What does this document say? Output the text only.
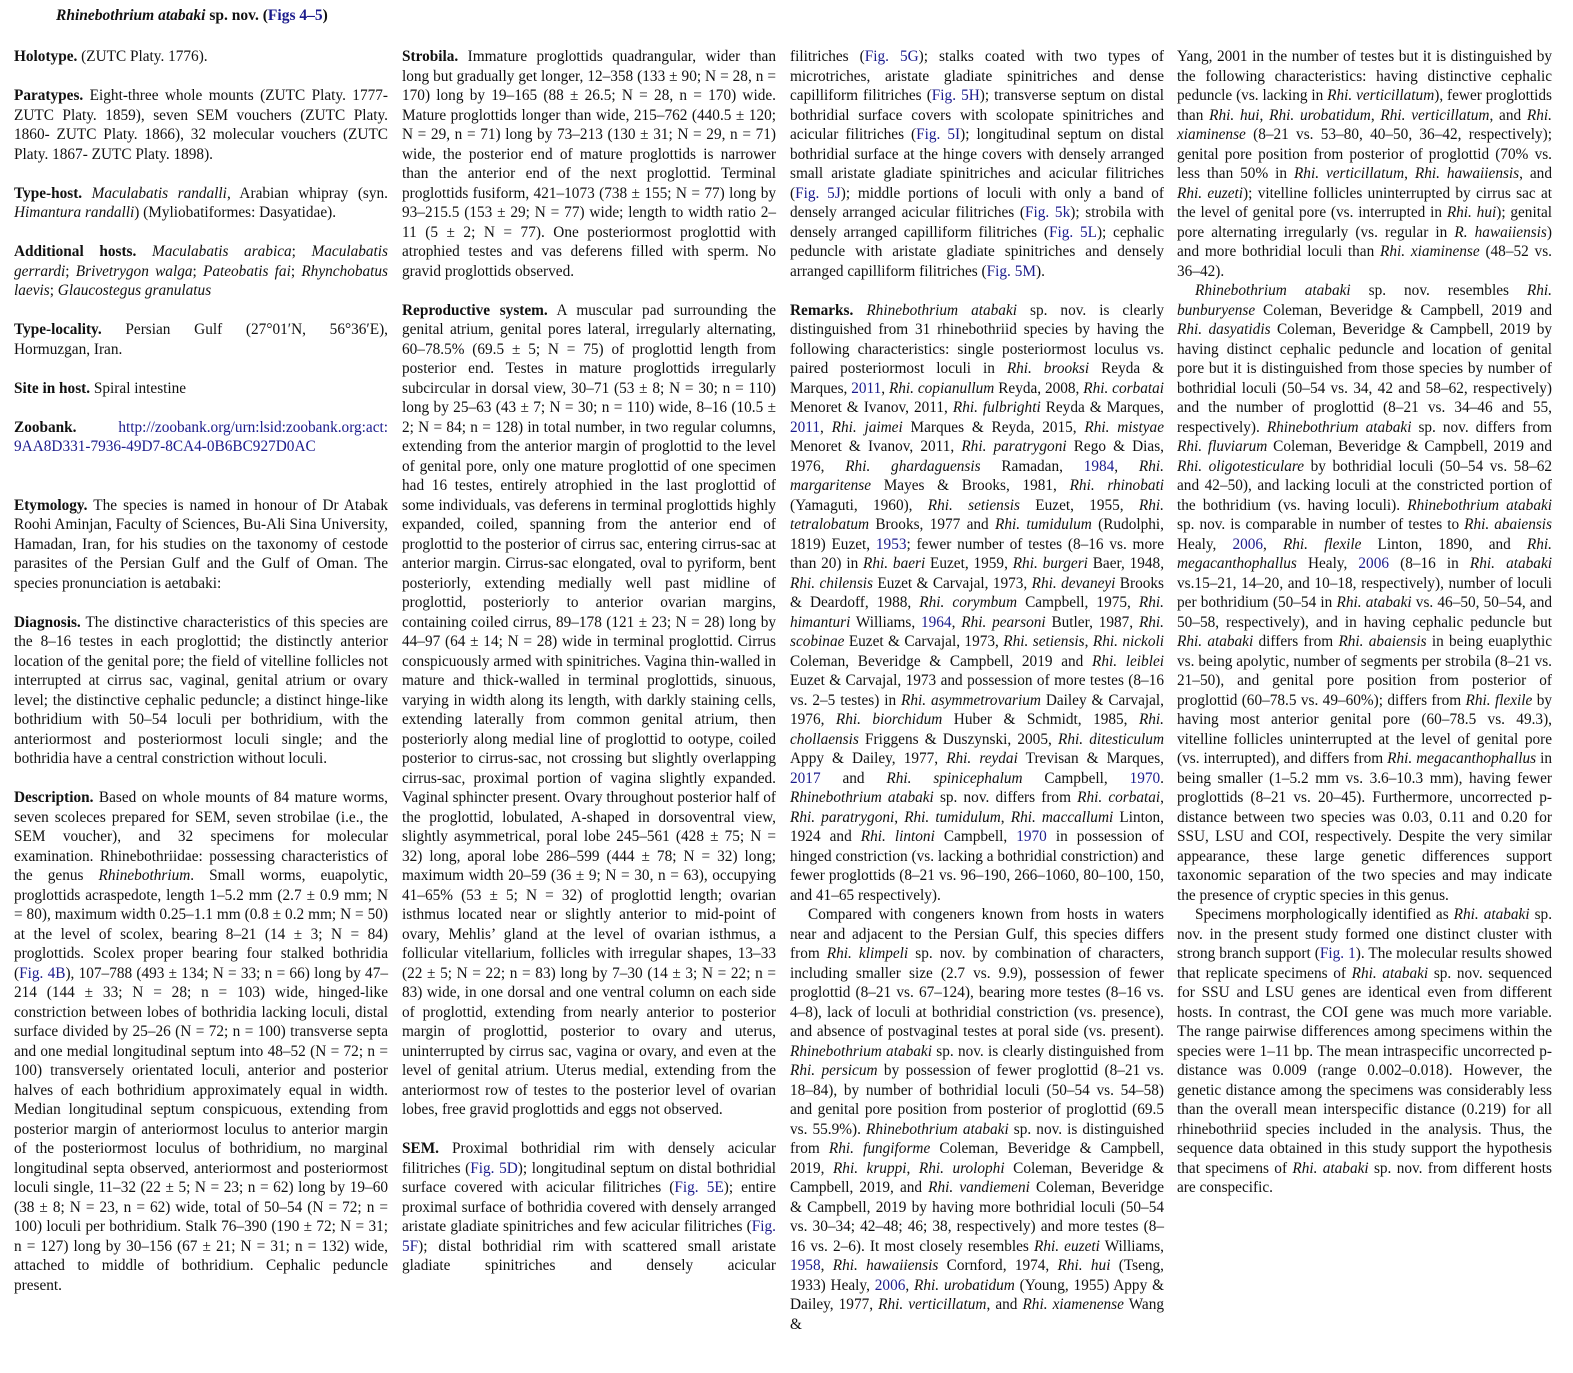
Rhinebothrium atabaki sp. nov. (Figs 4–5)

Holotype. (ZUTC Platy. 1776).

Paratypes. Eight-three whole mounts (ZUTC Platy. 1777- ZUTC Platy. 1859), seven SEM vouchers (ZUTC Platy. 1860- ZUTC Platy. 1866), 32 molecular vouchers (ZUTC Platy. 1867- ZUTC Platy. 1898).

Type-host. Maculabatis randalli, Arabian whipray (syn. Himantura randalli) (Myliobatiformes: Dasyatidae).

Additional hosts. Maculabatis arabica; Maculabatis gerrardi; Brivetrygon walga; Pateobatis fai; Rhynchobatus laevis; Glaucostegus granulatus

Type-locality. Persian Gulf (27°01′N, 56°36′E), Hormuzgan, Iran.

Site in host. Spiral intestine

Zoobank.	http://zoobank.org/urn:lsid:zoobank.org:act: 9AA8D331-7936-49D7-8CA4-0B6BC927D0AC

Etymology. The species is named in honour of Dr Atabak Roohi Aminjan, Faculty of Sciences, Bu-Ali Sina University, Hamadan, Iran, for his studies on the taxonomy of cestode parasites of the Persian Gulf and the Gulf of Oman. The species pronunciation is aetɑbaki:

Diagnosis. The distinctive characteristics of this species are the 8–16 testes in each proglottid; the distinctly anterior location of the genital pore; the field of vitelline follicles not interrupted at cirrus sac, vaginal, genital atrium or ovary level; the distinctive cephalic peduncle; a distinct hinge-like bothridium with 50–54 loculi per bothridium, with the anteriormost and posteriormost loculi single; and the bothridia have a central constriction without loculi.

Description. Based on whole mounts of 84 mature worms, seven scoleces prepared for SEM, seven strobilae (i.e., the SEM voucher), and 32 specimens for molecular examination. Rhinebothriidae: possessing characteristics of the genus Rhinebothrium. Small worms, euapolytic, proglottids acraspedote, length 1–5.2 mm (2.7 ± 0.9 mm; N = 80), maximum width 0.25–1.1 mm (0.8 ± 0.2 mm; N = 50) at the level of scolex, bearing 8–21 (14 ± 3; N = 84) proglottids. Scolex proper bearing four stalked bothridia (Fig. 4B), 107–788 (493 ± 134; N = 33; n = 66) long by 47–214 (144 ± 33; N = 28; n = 103) wide, hinged-like constriction between lobes of bothridia lacking loculi, distal surface divided by 25–26 (N = 72; n = 100) transverse septa and one medial longitudinal septum into 48–52 (N = 72; n = 100) transversely orientated loculi, anterior and posterior halves of each bothridium approximately equal in width. Median longitudinal septum conspicuous, extending from posterior margin of anteriormost loculus to anterior margin of the posteriormost loculus of bothridium, no marginal longitudinal septa observed, anteriormost and posteriormost loculi single, 11–32 (22 ± 5; N = 23; n = 62) long by 19–60 (38 ± 8; N = 23, n = 62) wide, total of 50–54 (N = 72; n = 100) loculi per bothridium. Stalk 76–390 (190 ± 72; N = 31; n = 127) long by 30–156 (67 ± 21; N = 31; n = 132) wide, attached to middle of bothridium. Cephalic peduncle present.

Strobila. Immature proglottids quadrangular, wider than long but gradually get longer, 12–358 (133 ± 90; N = 28, n = 170) long by 19–165 (88 ± 26.5; N = 28, n = 170) wide. Mature proglottids longer than wide, 215–762 (440.5 ± 120; N = 29, n = 71) long by 73–213 (130 ± 31; N = 29, n = 71) wide, the posterior end of mature proglottids is narrower than the anterior end of the next proglottid. Terminal proglottids fusiform, 421–1073 (738 ± 155; N = 77) long by 93–215.5 (153 ± 29; N = 77) wide; length to width ratio 2–11 (5 ± 2; N = 77). One posteriormost proglottid with atrophied testes and vas deferens filled with sperm. No gravid proglottids observed.

Reproductive system. A muscular pad surrounding the genital atrium, genital pores lateral, irregularly alternating, 60–78.5% (69.5 ± 5; N = 75) of proglottid length from posterior end. Testes in mature proglottids irregularly subcircular in dorsal view, 30–71 (53 ± 8; N = 30; n = 110) long by 25–63 (43 ± 7; N = 30; n = 110) wide, 8–16 (10.5 ± 2; N = 84; n = 128) in total number, in two regular columns, extending from the anterior margin of proglottid to the level of genital pore, only one mature proglottid of one specimen had 16 testes, entirely atrophied in the last proglottid of some individuals, vas deferens in terminal proglottids highly expanded, coiled, spanning from the anterior end of proglottid to the posterior of cirrus sac, entering cirrus-sac at anterior margin. Cirrus-sac elongated, oval to pyriform, bent posteriorly, extending medially well past midline of proglottid, posteriorly to anterior ovarian margins, containing coiled cirrus, 89–178 (121 ± 23; N = 28) long by 44–97 (64 ± 14; N = 28) wide in terminal proglottid. Cirrus conspicuously armed with spinitriches. Vagina thin-walled in mature and thick-walled in terminal proglottids, sinuous, varying in width along its length, with darkly staining cells, extending laterally from common genital atrium, then posteriorly along medial line of proglottid to ootype, coiled posterior to cirrus-sac, not crossing but slightly overlapping cirrus-sac, proximal portion of vagina slightly expanded. Vaginal sphincter present. Ovary throughout posterior half of the proglottid, lobulated, A-shaped in dorsoventral view, slightly asymmetrical, poral lobe 245–561 (428 ± 75; N = 32) long, aporal lobe 286–599 (444 ± 78; N = 32) long; maximum width 20–59 (36 ± 9; N = 30, n = 63), occupying 41–65% (53 ± 5; N = 32) of proglottid length; ovarian isthmus located near or slightly anterior to mid-point of ovary, Mehlis’ gland at the level of ovarian isthmus, a follicular vitellarium, follicles with irregular shapes, 13–33 (22 ± 5; N = 22; n = 83) long by 7–30 (14 ± 3; N = 22; n = 83) wide, in one dorsal and one ventral column on each side of proglottid, extending from nearly anterior to posterior margin of proglottid, posterior to ovary and uterus, uninterrupted by cirrus sac, vagina or ovary, and even at the level of genital atrium. Uterus medial, extending from the anteriormost row of testes to the posterior level of ovarian lobes, free gravid proglottids and eggs not observed.

SEM. Proximal bothridial rim with densely acicular filitriches (Fig. 5D); longitudinal septum on distal bothridial surface covered with acicular filitriches (Fig. 5E); entire proximal surface of bothridia covered with densely arranged aristate gladiate spinitriches and few acicular filitriches (Fig. 5F); distal bothridial rim with scattered small aristate gladiate spinitriches and densely acicular

filitriches (Fig. 5G); stalks coated with two types of microtriches, aristate gladiate spinitriches and dense capilliform filitriches (Fig. 5H); transverse septum on distal bothridial surface covers with scolopate spinitriches and acicular filitriches (Fig. 5I); longitudinal septum on distal bothridial surface at the hinge covers with densely arranged small aristate gladiate spinitriches and acicular filitriches (Fig. 5J); middle portions of loculi with only a band of densely arranged acicular filitriches (Fig. 5k); strobila with densely arranged capilliform filitriches (Fig. 5L); cephalic peduncle with aristate gladiate spinitriches and densely arranged capilliform filitriches (Fig. 5M).

Remarks. Rhinebothrium atabaki sp. nov. is clearly distinguished from 31 rhinebothriid species by having the following characteristics: single posteriormost loculus vs. paired posteriormost loculi in Rhi. brooksi Reyda & Marques, 2011, Rhi. copianullum Reyda, 2008, Rhi. corbatai Menoret & Ivanov, 2011, Rhi. fulbrighti Reyda & Marques, 2011, Rhi. jaimei Marques & Reyda, 2015, Rhi. mistyae Menoret & Ivanov, 2011, Rhi. paratrygoni Rego & Dias, 1976, Rhi. ghardaguensis Ramadan, 1984, Rhi. margaritense Mayes & Brooks, 1981, Rhi. rhinobati (Yamaguti, 1960), Rhi. setiensis Euzet, 1955, Rhi. tetralobatum Brooks, 1977 and Rhi. tumidulum (Rudolphi, 1819) Euzet, 1953; fewer number of testes (8–16 vs. more than 20) in Rhi. baeri Euzet, 1959, Rhi. burgeri Baer, 1948, Rhi. chilensis Euzet & Carvajal, 1973, Rhi. devaneyi Brooks & Deardoff, 1988, Rhi. corymbum Campbell, 1975, Rhi. himanturi Williams, 1964, Rhi. pearsoni Butler, 1987, Rhi. scobinae Euzet & Carvajal, 1973, Rhi. setiensis, Rhi. nickoli Coleman, Beveridge & Campbell, 2019 and Rhi. leiblei Euzet & Carvajal, 1973 and possession of more testes (8–16 vs. 2–5 testes) in Rhi. asymmetrovarium Dailey & Carvajal, 1976, Rhi. biorchidum Huber & Schmidt, 1985, Rhi. chollaensis Friggens & Duszynski, 2005, Rhi. ditesticulum Appy & Dailey, 1977, Rhi. reydai Trevisan & Marques, 2017 and Rhi. spinicephalum Campbell, 1970. Rhinebothrium atabaki sp. nov. differs from Rhi. corbatai, Rhi. paratrygoni, Rhi. tumidulum, Rhi. maccallumi Linton, 1924 and Rhi. lintoni Campbell, 1970 in possession of hinged constriction (vs. lacking a bothridial constriction) and fewer proglottids (8–21 vs. 96–190, 266–1060, 80–100, 150, and 41–65 respectively).

Compared with congeners known from hosts in waters near and adjacent to the Persian Gulf, this species differs from Rhi. klimpeli sp. nov. by combination of characters, including smaller size (2.7 vs. 9.9), possession of fewer proglottid (8–21 vs. 67–124), bearing more testes (8–16 vs. 4–8), lack of loculi at bothridial constriction (vs. presence), and absence of postvaginal testes at poral side (vs. present). Rhinebothrium atabaki sp. nov. is clearly distinguished from Rhi. persicum by possession of fewer proglottid (8–21 vs. 18–84), by number of bothridial loculi (50–54 vs. 54–58) and genital pore position from posterior of proglottid (69.5 vs. 55.9%). Rhinebothrium atabaki sp. nov. is distinguished from Rhi. fungiforme Coleman, Beveridge & Campbell, 2019, Rhi. kruppi, Rhi. urolophi Coleman, Beveridge & Campbell, 2019, and Rhi. vandiemeni Coleman, Beveridge & Campbell, 2019 by having more bothridial loculi (50–54 vs. 30–34; 42–48; 46; 38, respectively) and more testes (8–16 vs. 2–6). It most closely resembles Rhi. euzeti Williams, 1958, Rhi. hawaiiensis Cornford, 1974, Rhi. hui (Tseng, 1933) Healy, 2006, Rhi. urobatidum (Young, 1955) Appy & Dailey, 1977, Rhi. verticillatum, and Rhi. xiamenense Wang &

Yang, 2001 in the number of testes but it is distinguished by the following characteristics: having distinctive cephalic peduncle (vs. lacking in Rhi. verticillatum), fewer proglottids than Rhi. hui, Rhi. urobatidum, Rhi. verticillatum, and Rhi. xiaminense (8–21 vs. 53–80, 40–50, 36–42, respectively); genital pore position from posterior of proglottid (70% vs. less than 50% in Rhi. verticillatum, Rhi. hawaiiensis, and Rhi. euzeti); vitelline follicles uninterrupted by cirrus sac at the level of genital pore (vs. interrupted in Rhi. hui); genital pore alternating irregularly (vs. regular in R. hawaiiensis) and more bothridial loculi than Rhi. xiaminense (48–52 vs. 36–42).

Rhinebothrium atabaki sp. nov. resembles Rhi. bunburyense Coleman, Beveridge & Campbell, 2019 and Rhi. dasyatidis Coleman, Beveridge & Campbell, 2019 by having distinct cephalic peduncle and location of genital pore but it is distinguished from those species by number of bothridial loculi (50–54 vs. 34, 42 and 58–62, respectively) and the number of proglottid (8–21 vs. 34–46 and 55, respectively). Rhinebothrium atabaki sp. nov. differs from Rhi. fluviarum Coleman, Beveridge & Campbell, 2019 and Rhi. oligotesticulare by bothridial loculi (50–54 vs. 58–62 and 42–50), and lacking loculi at the constricted portion of the bothridium (vs. having loculi). Rhinebothrium atabaki sp. nov. is comparable in number of testes to Rhi. abaiensis Healy, 2006, Rhi. flexile Linton, 1890, and Rhi. megacanthophallus Healy, 2006 (8–16 in Rhi. atabaki vs.15–21, 14–20, and 10–18, respectively), number of loculi per bothridium (50–54 in Rhi. atabaki vs. 46–50, 50–54, and 50–58, respectively), and in having cephalic peduncle but Rhi. atabaki differs from Rhi. abaiensis in being euaplythic vs. being apolytic, number of segments per strobila (8–21 vs. 21–50), and genital pore position from posterior of proglottid (60–78.5 vs. 49–60%); differs from Rhi. flexile by having most anterior genital pore (60–78.5 vs. 49.3), vitelline follicles uninterrupted at the level of genital pore (vs. interrupted), and differs from Rhi. megacanthophallus in being smaller (1–5.2 mm vs. 3.6–10.3 mm), having fewer proglottids (8–21 vs. 20–45). Furthermore, uncorrected p-distance between two species was 0.03, 0.11 and 0.20 for SSU, LSU and COI, respectively. Despite the very similar appearance, these large genetic differences support taxonomic separation of the two species and may indicate the presence of cryptic species in this genus.

Specimens morphologically identified as Rhi. atabaki sp. nov. in the present study formed one distinct cluster with strong branch support (Fig. 1). The molecular results showed that replicate specimens of Rhi. atabaki sp. nov. sequenced for SSU and LSU genes are identical even from different hosts. In contrast, the COI gene was much more variable. The range pairwise differences among specimens within the species were 1–11 bp. The mean intraspecific uncorrected p-distance was 0.009 (range 0.002–0.018). However, the genetic distance among the specimens was considerably less than the overall mean interspecific distance (0.219) for all rhinebothriid species included in the analysis. Thus, the sequence data obtained in this study support the hypothesis that specimens of Rhi. atabaki sp. nov. from different hosts are conspecific.
